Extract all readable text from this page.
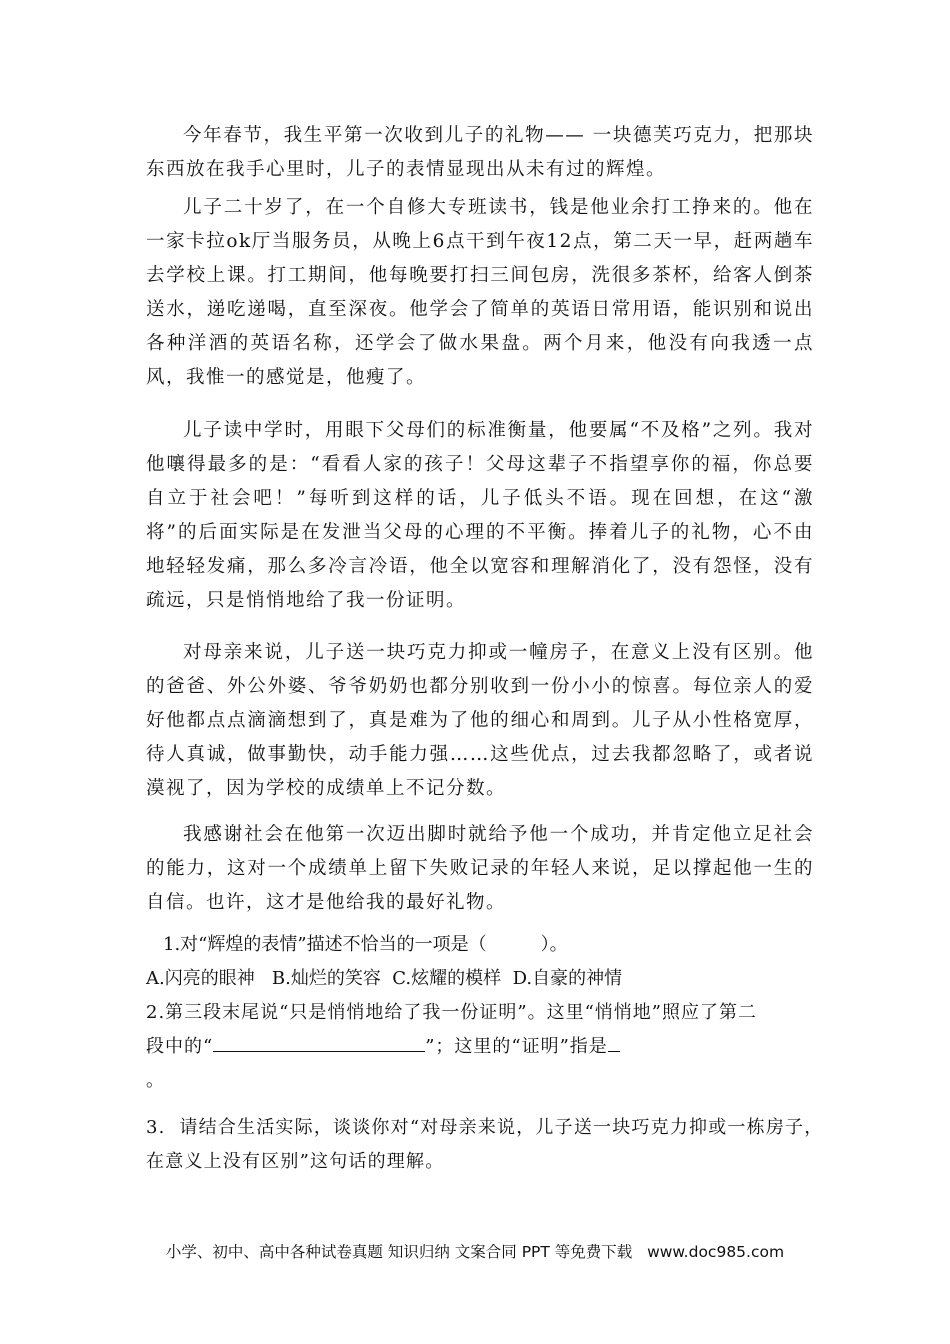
今年春节，我生平第一次收到儿子的礼物—— 一块德芙巧克力，把那块东西放在我手心里时，儿子的表情显现出从未有过的辉煌。

儿子二十岁了，在一个自修大专班读书，钱是他业余打工挣来的。他在一家卡拉ok厅当服务员，从晚上6点干到午夜12点，第二天一早，赶两趟车去学校上课。打工期间，他每晚要打扫三间包房，洗很多茶杯，给客人倒茶送水，递吃递喝，直至深夜。他学会了简单的英语日常用语，能识别和说出各种洋酒的英语名称，还学会了做水果盘。两个月来，他没有向我透一点风，我惟一的感觉是，他瘦了。

儿子读中学时，用眼下父母们的标准衡量，他要属“不及格”之列。我对他嚷得最多的是：“看看人家的孩子！父母这辈子不指望享你的福，你总要自立于社会吧！”每听到这样的话，儿子低头不语。现在回想，在这“激将”的后面实际是在发泄当父母的心理的不平衡。捧着儿子的礼物，心不由地轻轻发痛，那么多冷言冷语，他全以宽容和理解消化了，没有怨怪，没有疏远，只是悄悄地给了我一份证明。

对母亲来说，儿子送一块巧克力抑或一幢房子，在意义上没有区别。他的爸爸、外公外婆、爷爷奶奶也都分别收到一份小小的惊喜。每位亲人的爱好他都点点滴滴想到了，真是难为了他的细心和周到。儿子从小性格宽厚，待人真诚，做事勤快，动手能力强……这些优点，过去我都忽略了，或者说漠视了，因为学校的成绩单上不记分数。

我感谢社会在他第一次迈出脚时就给予他一个成功，并肯定他立足社会的能力，这对一个成绩单上留下失败记录的年轻人来说，足以撑起他一生的自信。也许，这才是他给我的最好礼物。

1.对“辉煌的表情”描述不恰当的一项是（	）。

A.闪亮的眼神   B.灿烂的笑容  C.炫耀的模样  D.自豪的神情

2.第三段末尾说“只是悄悄地给了我一份证明”。这里“悄悄地”照应了第二

段中的“	”；这里的“证明”指是

。

3.  请结合生活实际，谈谈你对“对母亲来说，儿子送一块巧克力抑或一栋房子，

在意义上没有区别”这句话的理解。

小学、初中、高中各种试卷真题 知识归纳 文案合同 PPT 等免费下载   www.doc985.com
